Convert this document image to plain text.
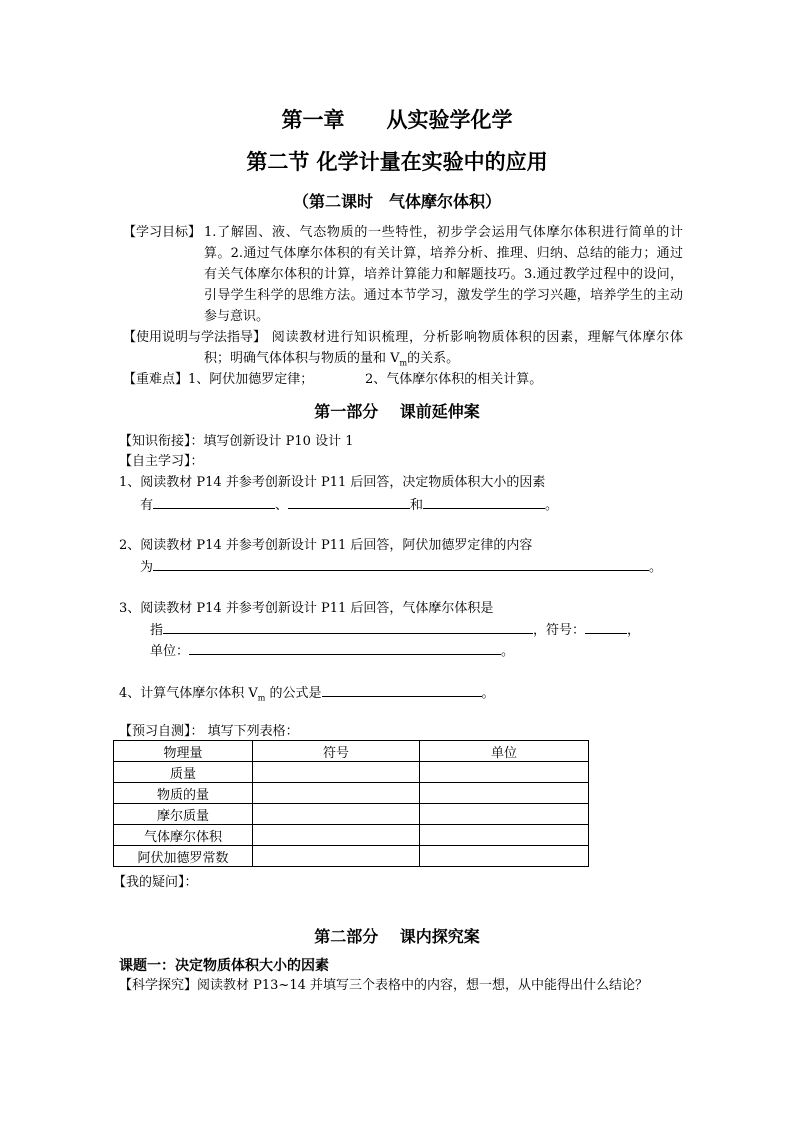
第一章　　从实验学化学
第二节 化学计量在实验中的应用
（第二课时　气体摩尔体积）
【学习目标】 1.了解固、液、气态物质的一些特性，初步学会运用气体摩尔体积进行简单的计算。2.通过气体摩尔体积的有关计算，培养分析、推理、归纳、总结的能力；通过有关气体摩尔体积的计算，培养计算能力和解题技巧。3.通过教学过程中的设问，引导学生科学的思维方法。通过本节学习，激发学生的学习兴趣，培养学生的主动参与意识。
【使用说明与学法指导】 阅读教材进行知识梳理，分析影响物质体积的因素，理解气体摩尔体积；明确气体体积与物质的量和 $V_m$的关系。
【重难点】1、阿伏加德罗定律；	2、气体摩尔体积的相关计算。
第一部分　 课前延伸案
【知识衔接】：填写创新设计 P10 设计 1
【自主学习】：
1、阅读教材 P14 并参考创新设计 P11 后回答，决定物质体积大小的因素
有	、	和	。
2、阅读教材 P14 并参考创新设计 P11 后回答，阿伏加德罗定律的内容
为	。
3、阅读教材 P14 并参考创新设计 P11 后回答，气体摩尔体积是
指	，符号：	，
单位：	。
4、计算气体摩尔体积 $V_m$ 的公式是	。
【预习自测】： 填写下列表格：
物理量	符号	单位
质量		
物质的量		
摩尔质量		
气体摩尔体积		
阿伏加德罗常数		
【我的疑问】：
第二部分　 课内探究案
课题一：决定物质体积大小的因素
【科学探究】阅读教材 P13~14 并填写三个表格中的内容，想一想，从中能得出什么结论？
